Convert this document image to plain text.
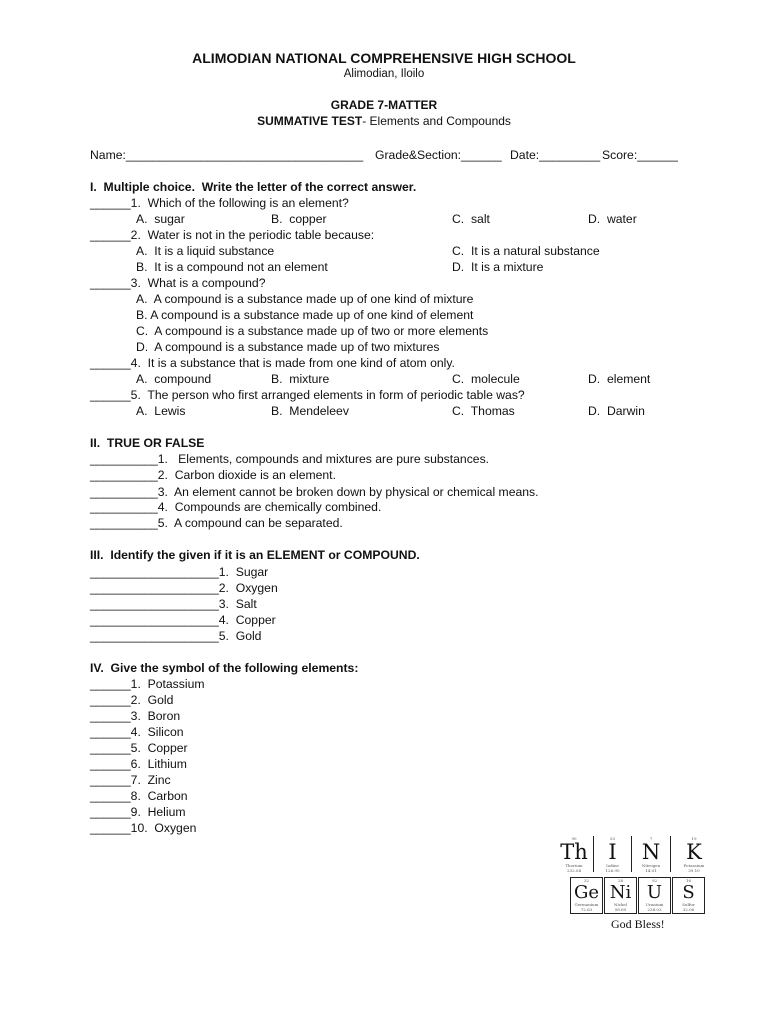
ALIMODIAN NATIONAL COMPREHENSIVE HIGH SCHOOL
Alimodian, Iloilo
GRADE 7-MATTER
SUMMATIVE TEST- Elements and Compounds
Name:___________________________________ Grade&Section:______ Date:_________ Score:______
I.  Multiple choice.  Write the letter of the correct answer.
______1.  Which of the following is an element?
A.  sugar	B.  copper	C.  salt	D.  water
______2.  Water is not in the periodic table because:
A.  It is a liquid substance	C.  It is a natural substance
B.  It is a compound not an element	D.  It is a mixture
______3.  What is a compound?
A.  A compound is a substance made up of one kind of mixture
B. A compound is a substance made up of one kind of element
C.  A compound is a substance made up of two or more elements
D.  A compound is a substance made up of two mixtures
______4.  It is a substance that is made from one kind of atom only.
A.  compound	B.  mixture	C.  molecule	D.  element
______5.  The person who first arranged elements in form of periodic table was?
A.  Lewis	B.  Mendeleev	C.  Thomas	D.  Darwin
II.  TRUE OR FALSE
__________1.   Elements, compounds and mixtures are pure substances.
__________2.  Carbon dioxide is an element.
__________3.  An element cannot be broken down by physical or chemical means.
__________4.  Compounds are chemically combined.
__________5.  A compound can be separated.
III.  Identify the given if it is an ELEMENT or COMPOUND.
___________________1.  Sugar
___________________2.  Oxygen
___________________3.  Salt
___________________4.  Copper
___________________5.  Gold
IV.  Give the symbol of the following elements:
______1.  Potassium
______2.  Gold
______3.  Boron
______4.  Silicon
______5.  Copper
______6.  Lithium
______7.  Zinc
______8.  Carbon
______9.  Helium
______10.  Oxygen
90
Th
Thorium
232.04
53
I
Iodine
126.90
7
N
Nitrogen
14.01
19
K
Potassium
39.10
32
Ge
Germanium
72.63
28
Ni
Nickel
58.69
92
U
Uranium
238.03
16
S
Sulfur
32.06
God Bless!
